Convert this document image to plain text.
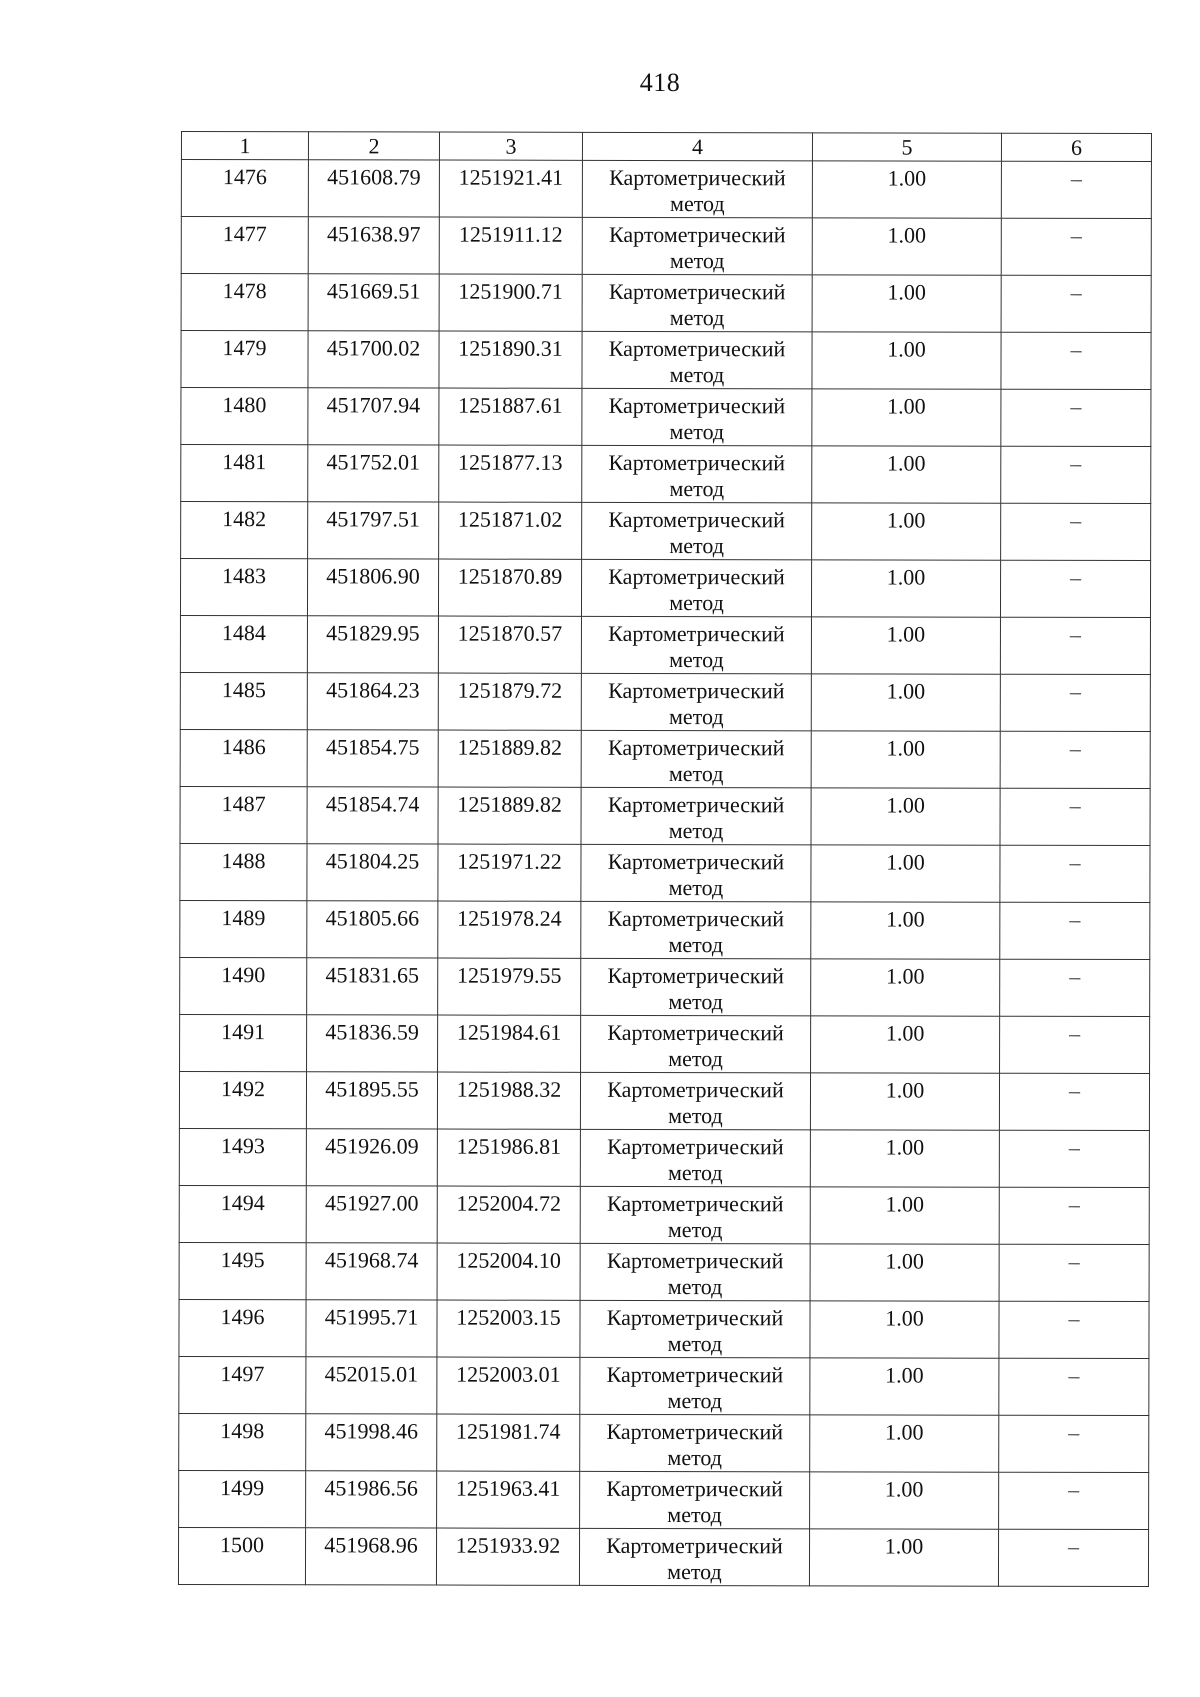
418
1	2	3	4	5	6

1476	451608.79	1251921.41	Картометрический
метод	1.00	–

1477	451638.97	1251911.12	Картометрический
метод	1.00	–

1478	451669.51	1251900.71	Картометрический
метод	1.00	–

1479	451700.02	1251890.31	Картометрический
метод	1.00	–

1480	451707.94	1251887.61	Картометрический
метод	1.00	–

1481	451752.01	1251877.13	Картометрический
метод	1.00	–

1482	451797.51	1251871.02	Картометрический
метод	1.00	–

1483	451806.90	1251870.89	Картометрический
метод	1.00	–

1484	451829.95	1251870.57	Картометрический
метод	1.00	–

1485	451864.23	1251879.72	Картометрический
метод	1.00	–

1486	451854.75	1251889.82	Картометрический
метод	1.00	–

1487	451854.74	1251889.82	Картометрический
метод	1.00	–

1488	451804.25	1251971.22	Картометрический
метод	1.00	–

1489	451805.66	1251978.24	Картометрический
метод	1.00	–

1490	451831.65	1251979.55	Картометрический
метод	1.00	–

1491	451836.59	1251984.61	Картометрический
метод	1.00	–

1492	451895.55	1251988.32	Картометрический
метод	1.00	–

1493	451926.09	1251986.81	Картометрический
метод	1.00	–

1494	451927.00	1252004.72	Картометрический
метод	1.00	–

1495	451968.74	1252004.10	Картометрический
метод	1.00	–

1496	451995.71	1252003.15	Картометрический
метод	1.00	–

1497	452015.01	1252003.01	Картометрический
метод	1.00	–

1498	451998.46	1251981.74	Картометрический
метод	1.00	–

1499	451986.56	1251963.41	Картометрический
метод	1.00	–

1500	451968.96	1251933.92	Картометрический
метод	1.00	–
